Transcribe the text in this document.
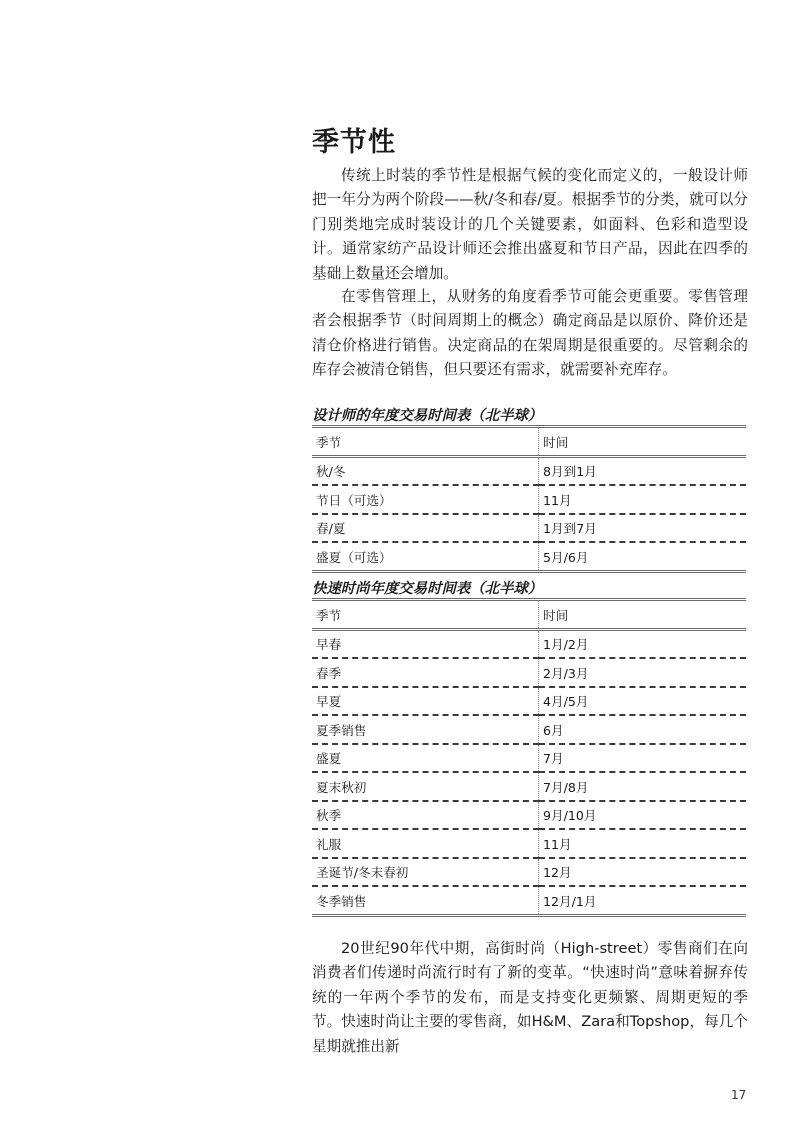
季节性

传统上时装的季节性是根据气候的变化而定义的，一般设计师把一年分为两个阶段——秋/冬和春/夏。根据季节的分类，就可以分门别类地完成时装设计的几个关键要素，如面料、色彩和造型设计。通常家纺产品设计师还会推出盛夏和节日产品，因此在四季的基础上数量还会增加。

在零售管理上，从财务的角度看季节可能会更重要。零售管理者会根据季节（时间周期上的概念）确定商品是以原价、降价还是清仓价格进行销售。决定商品的在架周期是很重要的。尽管剩余的库存会被清仓销售，但只要还有需求，就需要补充库存。

设计师的年度交易时间表（北半球）

季节	时间
秋/冬	8月到1月
节日（可选）	11月
春/夏	1月到7月
盛夏（可选）	5月/6月

快速时尚年度交易时间表（北半球）

季节	时间
早春	1月/2月
春季	2月/3月
早夏	4月/5月
夏季销售	6月
盛夏	7月
夏末秋初	7月/8月
秋季	9月/10月
礼服	11月
圣诞节/冬末春初	12月
冬季销售	12月/1月

20世纪90年代中期，高街时尚（High-street）零售商们在向消费者们传递时尚流行时有了新的变革。“快速时尚”意味着摒弃传统的一年两个季节的发布，而是支持变化更频繁、周期更短的季节。快速时尚让主要的零售商，如H&M、Zara和Topshop，每几个星期就推出新

17
